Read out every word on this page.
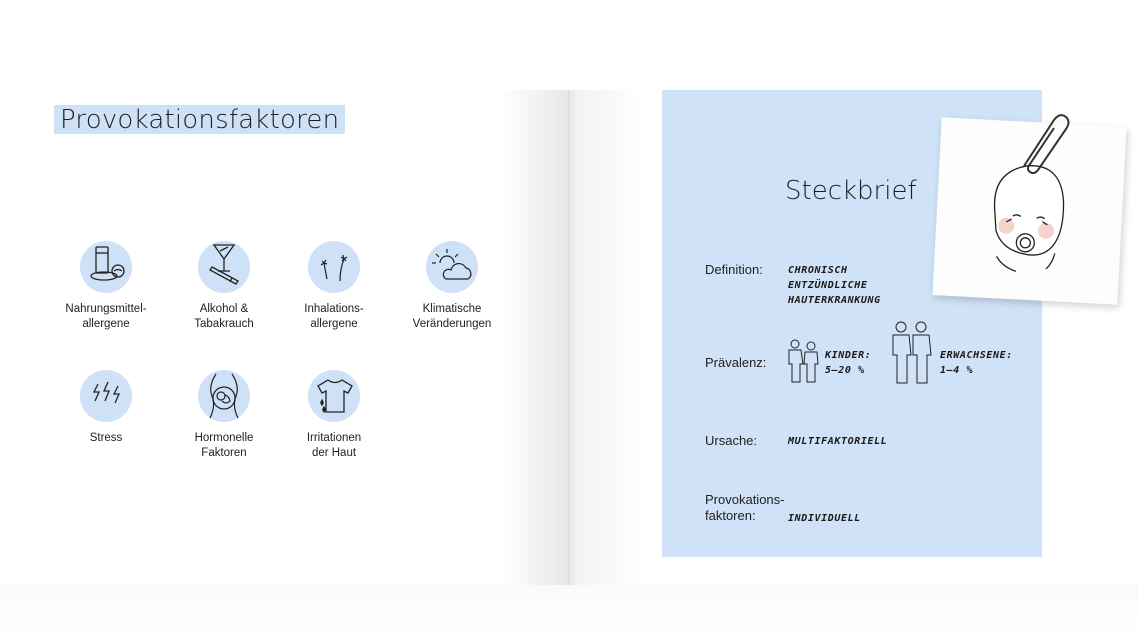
Provokationsfaktoren
Nahrungsmittel-
allergene
Alkohol &
Tabakrauch
Inhalations-
allergene
Klimatische
Veränderungen
Stress	Hormonelle
Faktoren
Irritationen
der Haut
Steckbrief
Definition:	CHRONISCH
ENTZÜNDLICHE
HAUTERKRANKUNG
Prävalenz:	KINDER:
5–20 %
ERWACHSENE:
1–4 %
Ursache:	MULTIFAKTORIELL
Provokations-
faktoren:	INDIVIDUELL
